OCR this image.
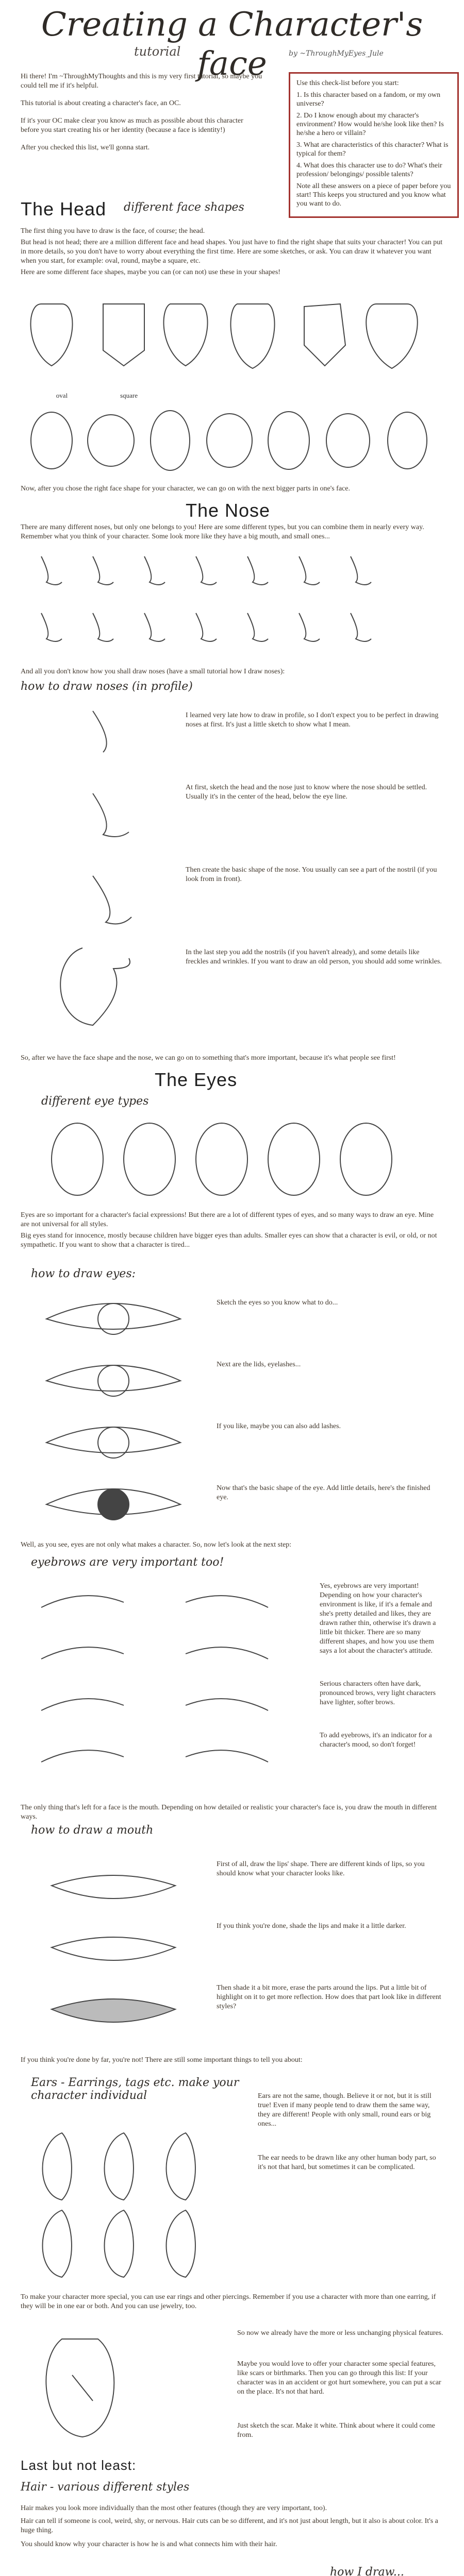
Creating a Character's face
tutorial	by ~ThroughMyEyes_Jule

Hi there! I'm ~ThroughMyThoughts and this is my very first tutorial, so maybe you could tell me if it's helpful.

This tutorial is about creating a character's face, an OC.

If it's your OC make clear you know as much as possible about this character before you start creating his or her identity (because a face is identity!)

After you checked this list, we'll gonna start.

Use this check-list before you start:

1. Is this character based on a fandom, or my own universe?

2. Do I know enough about my character's environment? How would he/she look like then? Is he/she a hero or villain?

3. What are characteristics of this character? What is typical for them?

4. What does this character use to do? What's their profession/ belongings/ possible talents?

Note all these answers on a piece of paper before you start! This keeps you structured and you know what you want to do.

The Head different face shapes
The first thing you have to draw is the face, of course; the head.
But head is not head; there are a million different face and head shapes. You just have to find the right shape that suits your character! You can put in more details, so you don't have to worry about everything the first time. Here are some sketches, or ask. You can draw it whatever you want when you start, for example: oval, round, maybe a square, etc.
Here are some different face shapes, maybe you can (or can not) use these in your shapes!
oval	square
Now, after you chose the right face shape for your character, we can go on with the next bigger parts in one's face.
The Nose
There are many different noses, but only one belongs to you! Here are some different types, but you can combine them in nearly every way. Remember what you think of your character. Some look more like they have a big mouth, and small ones...
And all you don't know how you shall draw noses (have a small tutorial how I draw noses):
how to draw noses (in profile)
I learned very late how to draw in profile, so I don't expect you to be perfect in drawing noses at first. It's just a little sketch to show what I mean.
At first, sketch the head and the nose just to know where the nose should be settled. Usually it's in the center of the head, below the eye line.
Then create the basic shape of the nose. You usually can see a part of the nostril (if you look from in front).
In the last step you add the nostrils (if you haven't already), and some details like freckles and wrinkles. If you want to draw an old person, you should add some wrinkles.
So, after we have the face shape and the nose, we can go on to something that's more important, because it's what people see first!
The Eyes
different eye types
Eyes are so important for a character's facial expressions! But there are a lot of different types of eyes, and so many ways to draw an eye. Mine are not universal for all styles.
Big eyes stand for innocence, mostly because children have bigger eyes than adults. Smaller eyes can show that a character is evil, or old, or not sympathetic. If you want to show that a character is tired...
how to draw eyes:
Sketch the eyes so you know what to do...
Next are the lids, eyelashes...
If you like, maybe you can also add lashes.
Now that's the basic shape of the eye. Add little details, here's the finished eye.
Well, as you see, eyes are not only what makes a character. So, now let's look at the next step:
eyebrows are very important too!
Yes, eyebrows are very important! Depending on how your character's environment is like, if it's a female and she's pretty detailed and likes, they are drawn rather thin, otherwise it's drawn a little bit thicker. There are so many different shapes, and how you use them says a lot about the character's attitude.
Serious characters often have dark, pronounced brows, very light characters have lighter, softer brows.
To add eyebrows, it's an indicator for a character's mood, so don't forget!
The only thing that's left for a face is the mouth. Depending on how detailed or realistic your character's face is, you draw the mouth in different ways.
how to draw a mouth
First of all, draw the lips' shape. There are different kinds of lips, so you should know what your character looks like.
If you think you're done, shade the lips and make it a little darker.
Then shade it a bit more, erase the parts around the lips. Put a little bit of highlight on it to get more reflection. How does that part look like in different styles?
If you think you're done by far, you're not! There are still some important things to tell you about:
Ears - Earrings, tags etc. make your character individual	Ears are not the same, though. Believe it or not, but it is still true! Even if many people tend to draw them the same way, they are different! People with only small, round ears or big ones...
The ear needs to be drawn like any other human body part, so it's not that hard, but sometimes it can be complicated.
To make your character more special, you can use ear rings and other piercings. Remember if you use a character with more than one earring, if they will be in one ear or both. And you can use jewelry, too.
So now we already have the more or less unchanging physical features.
Maybe you would love to offer your character some special features, like scars or birthmarks. Then you can go through this list: If your character was in an accident or got hurt somewhere, you can put a scar on the place. It's not that hard.
Just sketch the scar. Make it white. Think about where it could come from.
Last but not least:
Hair - various different styles
Hair makes you look more individually than the most other features (though they are very important, too).
Hair can tell if someone is cool, weird, shy, or nervous. Hair cuts can be so different, and it's not just about length, but it also is about color. It's a huge thing.
You should know why your character is how he is and what connects him with their hair.
how I draw...
